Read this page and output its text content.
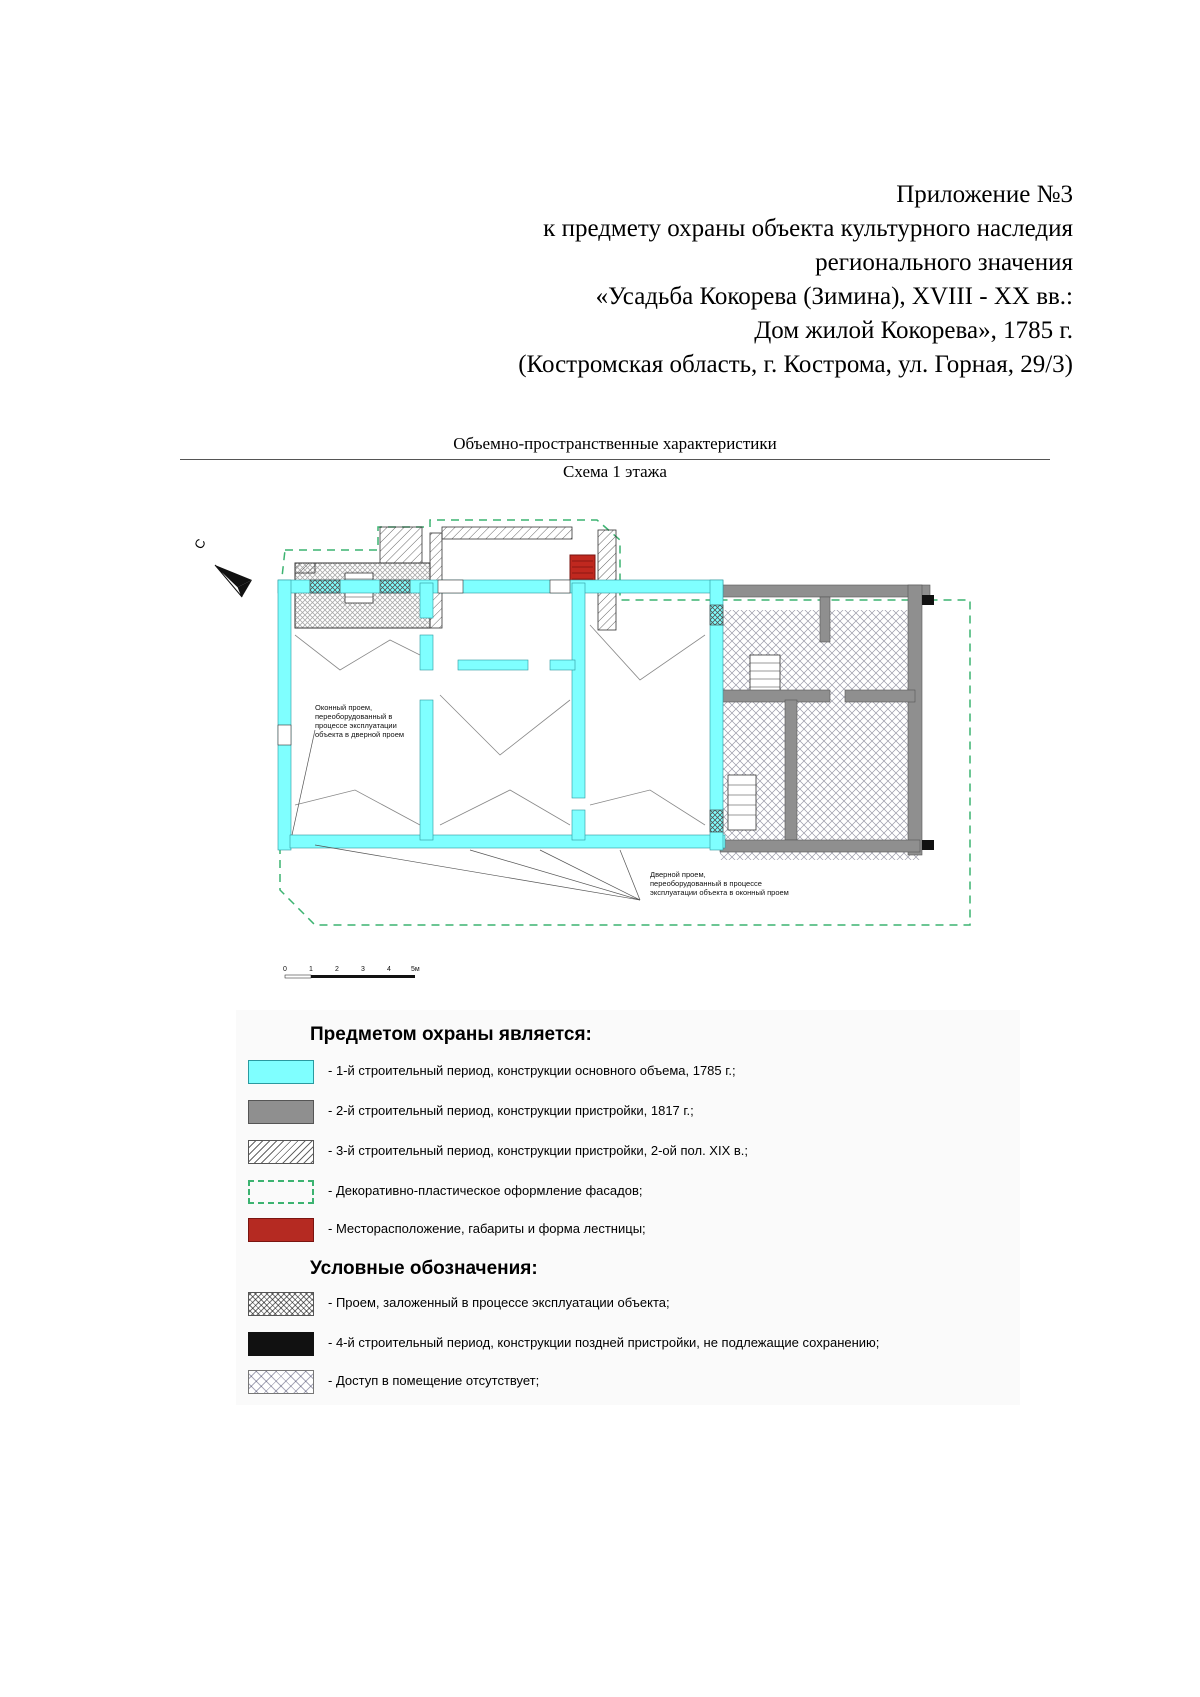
Приложение №3
к предмету охраны объекта культурного наследия
регионального значения
«Усадьба Кокорева (Зимина), XVIII - XX вв.:
Дом жилой Кокорева», 1785 г.
(Костромская область, г. Кострома, ул. Горная, 29/3)
Объемно-пространственные характеристики
Схема 1 этажа
С
Оконный проем, переоборудованный в процессе эксплуатации объекта в дверной проем
Дверной проем, переоборудованный в процессе эксплуатации объекта в оконный проем
0	1	2	3	4	5м
Предметом охраны является:
- 1-й строительный период, конструкции основного объема, 1785 г.;
- 2-й строительный период, конструкции пристройки, 1817 г.;
- 3-й строительный период, конструкции пристройки, 2-ой пол. XIX в.;
- Декоративно-пластическое оформление фасадов;
- Месторасположение, габариты и форма лестницы;
Условные обозначения:
- Проем, заложенный в процессе эксплуатации объекта;
- 4-й строительный период, конструкции поздней пристройки, не подлежащие сохранению;
- Доступ в помещение отсутствует;
